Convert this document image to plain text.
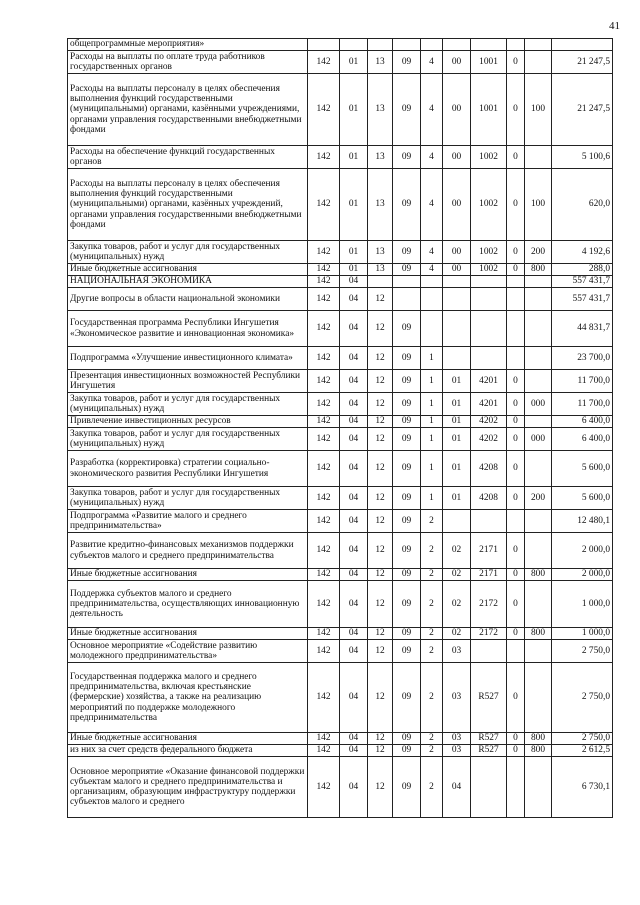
41
общепрограммные мероприятия»										
Расходы на выплаты по оплате труда работников государственных органов	142	01	13	09	4	00	1001	0		21 247,5
Расходы на выплаты персоналу в целях обеспечения выполнения функций государственными (муниципальными) органами, казёнными учреждениями, органами управления государственными внебюджетными фондами	142	01	13	09	4	00	1001	0	100	21 247,5
Расходы на обеспечение функций государственных органов	142	01	13	09	4	00	1002	0		5 100,6
Расходы на выплаты персоналу в целях обеспечения выполнения функций государственными (муниципальными) органами, казённых учреждений, органами управления государственными внебюджетными фондами	142	01	13	09	4	00	1002	0	100	620,0
Закупка товаров, работ и услуг для государственных (муниципальных) нужд	142	01	13	09	4	00	1002	0	200	4 192,6
Иные бюджетные ассигнования	142	01	13	09	4	00	1002	0	800	288,0
НАЦИОНАЛЬНАЯ ЭКОНОМИКА	142	04								557 431,7
Другие вопросы в области национальной экономики	142	04	12							557 431,7
Государственная программа Республики Ингушетия «Экономическое развитие и инновационная экономика»	142	04	12	09						44 831,7
Подпрограмма «Улучшение инвестиционного климата»	142	04	12	09	1					23 700,0
Презентация инвестиционных возможностей Республики Ингушетия	142	04	12	09	1	01	4201	0		11 700,0
Закупка товаров, работ и услуг для государственных (муниципальных) нужд	142	04	12	09	1	01	4201	0	000	11 700,0
Привлечение инвестиционных ресурсов	142	04	12	09	1	01	4202	0		6 400,0
Закупка товаров, работ и услуг для государственных (муниципальных) нужд	142	04	12	09	1	01	4202	0	000	6 400,0
Разработка (корректировка) стратегии социально-экономического развития Республики Ингушетия	142	04	12	09	1	01	4208	0		5 600,0
Закупка товаров, работ и услуг для государственных (муниципальных) нужд	142	04	12	09	1	01	4208	0	200	5 600,0
Подпрограмма «Развитие малого и среднего предпринимательства»	142	04	12	09	2					12 480,1
Развитие кредитно-финансовых механизмов поддержки субъектов малого и среднего предпринимательства	142	04	12	09	2	02	2171	0		2 000,0
Иные бюджетные ассигнования	142	04	12	09	2	02	2171	0	800	2 000,0
Поддержка субъектов малого и среднего предпринимательства, осуществляющих инновационную деятельность	142	04	12	09	2	02	2172	0		1 000,0
Иные бюджетные ассигнования	142	04	12	09	2	02	2172	0	800	1 000,0
Основное мероприятие «Содействие развитию молодежного предпринимательства»	142	04	12	09	2	03				2 750,0
Государственная поддержка малого и среднего предпринимательства, включая крестьянские (фермерские) хозяйства, а также на реализацию мероприятий по поддержке молодежного предпринимательства	142	04	12	09	2	03	R527	0		2 750,0
Иные бюджетные ассигнования	142	04	12	09	2	03	R527	0	800	2 750,0
из них за счет средств федерального бюджета	142	04	12	09	2	03	R527	0	800	2 612,5
Основное мероприятие «Оказание финансовой поддержки субъектам малого и среднего предпринимательства и организациям, образующим инфраструктуру поддержки субъектов малого и среднего	142	04	12	09	2	04				6 730,1
